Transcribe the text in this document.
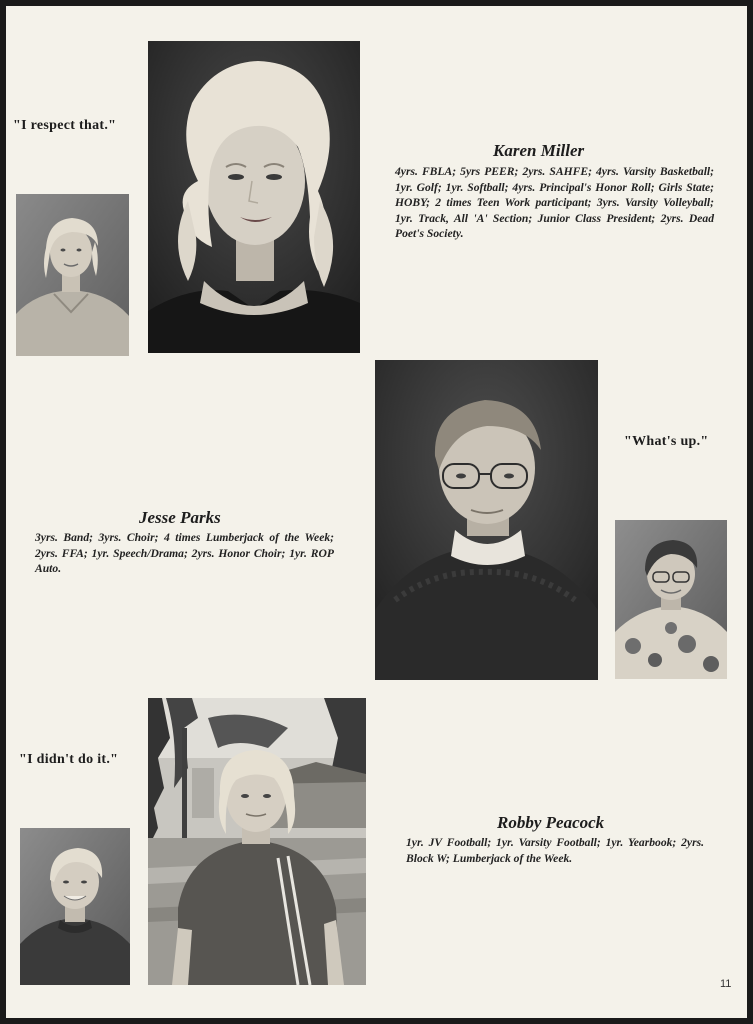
"I respect that."
Karen Miller

4yrs. FBLA; 5yrs PEER; 2yrs. SAHFE; 4yrs. Varsity Basketball; 1yr. Golf; 1yr. Softball; 4yrs. Principal's Honor Roll; Girls State; HOBY; 2 times Teen Work participant; 3yrs. Varsity Volleyball; 1yr. Track, All 'A' Section; Junior Class President; 2yrs. Dead Poet's Society.

"What's up."
Jesse Parks

3yrs. Band; 3yrs. Choir; 4 times Lumberjack of the Week; 2yrs. FFA; 1yr. Speech/Drama; 2yrs. Honor Choir; 1yr. ROP Auto.

"I didn't do it."
Robby Peacock

1yr. JV Football; 1yr. Varsity Football; 1yr. Yearbook; 2yrs. Block W; Lumberjack of the Week.

11
